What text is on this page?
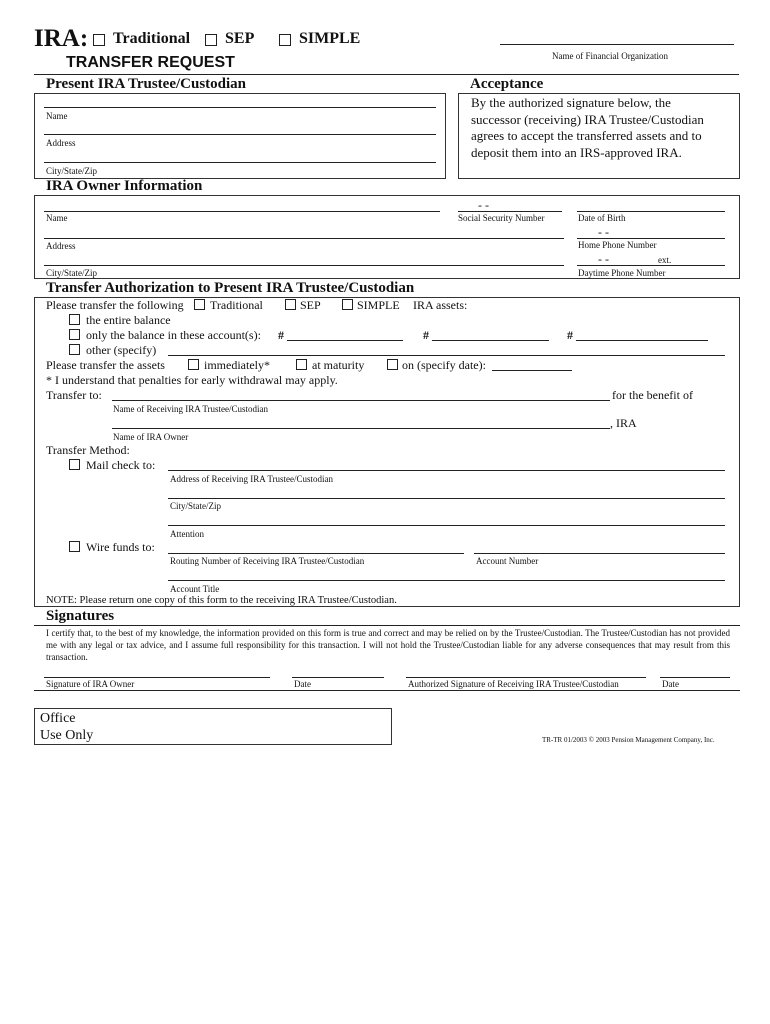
IRA: Traditional SEP	SIMPLE
TRANSFER REQUEST	Name of Financial Organization
Present IRA Trustee/Custodian
Name
Address
City/State/Zip
Acceptance
By the authorized signature below, the
successor (receiving) IRA Trustee/Custodian
agrees to accept the transferred assets and to
deposit them into an IRS-approved IRA.
IRA Owner Information
Name
- -
Social Security Number	Date of Birth
Address
- -
Home Phone Number
City/State/Zip
- -	ext.
Daytime Phone Number
Transfer Authorization to Present IRA Trustee/Custodian
Please transfer the following Traditional	SEP	SIMPLE IRA assets:
the entire balance
only the balance in these account(s): #	#	#
other (specify)
Please transfer the assets	immediately*	at maturity	on (specify date):
* I understand that penalties for early withdrawal may apply.
Transfer to:	for the benefit of
Name of Receiving IRA Trustee/Custodian
, IRA
Name of IRA Owner
Transfer Method:
Mail check to:
Address of Receiving IRA Trustee/Custodian
City/State/Zip
Attention
Wire funds to:
Routing Number of Receiving IRA Trustee/Custodian	Account Number
Account Title
NOTE: Please return one copy of this form to the receiving IRA Trustee/Custodian.
Signatures
I certify that, to the best of my knowledge, the information provided on this form is true and correct and may be relied on by the Trustee/Custodian. The Trustee/Custodian has not provided me with any legal or tax advice, and I assume full responsibility for this transaction. I will not hold the Trustee/Custodian liable for any adverse consequences that may result from this transaction.
Signature of IRA Owner	Date	Authorized Signature of Receiving IRA Trustee/Custodian	Date
Office
Use Only	TR-TR 01/2003 © 2003 Pension Management Company, Inc.
